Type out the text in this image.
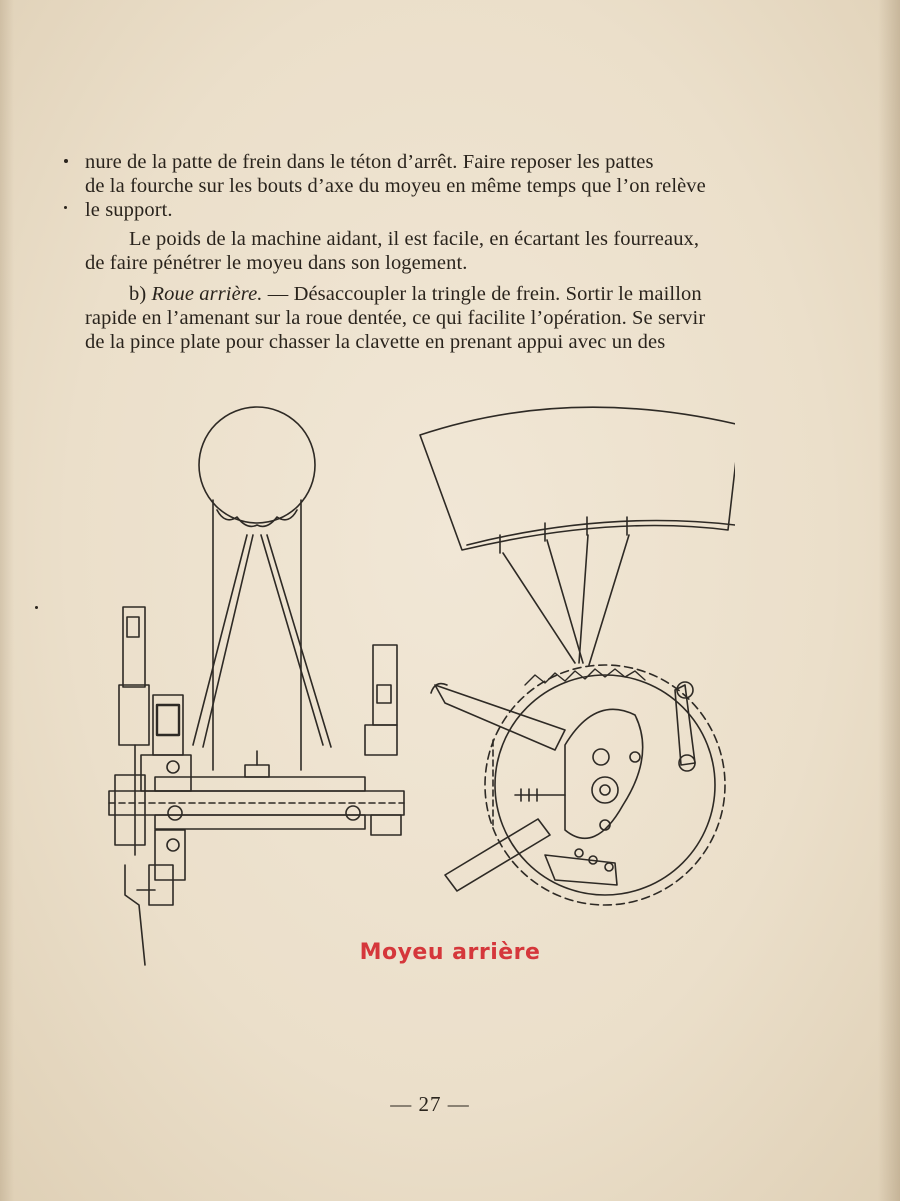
nure de la patte de frein dans le téton d’arrêt. Faire reposer les pattes

de la fourche sur les bouts d’axe du moyeu en même temps que l’on relève

le support.

Le poids de la machine aidant, il est facile, en écartant les fourreaux,

de faire pénétrer le moyeu dans son logement.

b) Roue arrière. — Désaccoupler la tringle de frein. Sortir le maillon

rapide en l’amenant sur la roue dentée, ce qui facilite l’opération. Se servir

de la pince plate pour chasser la clavette en prenant appui avec un des

Moyeu arrière
— 27 —
